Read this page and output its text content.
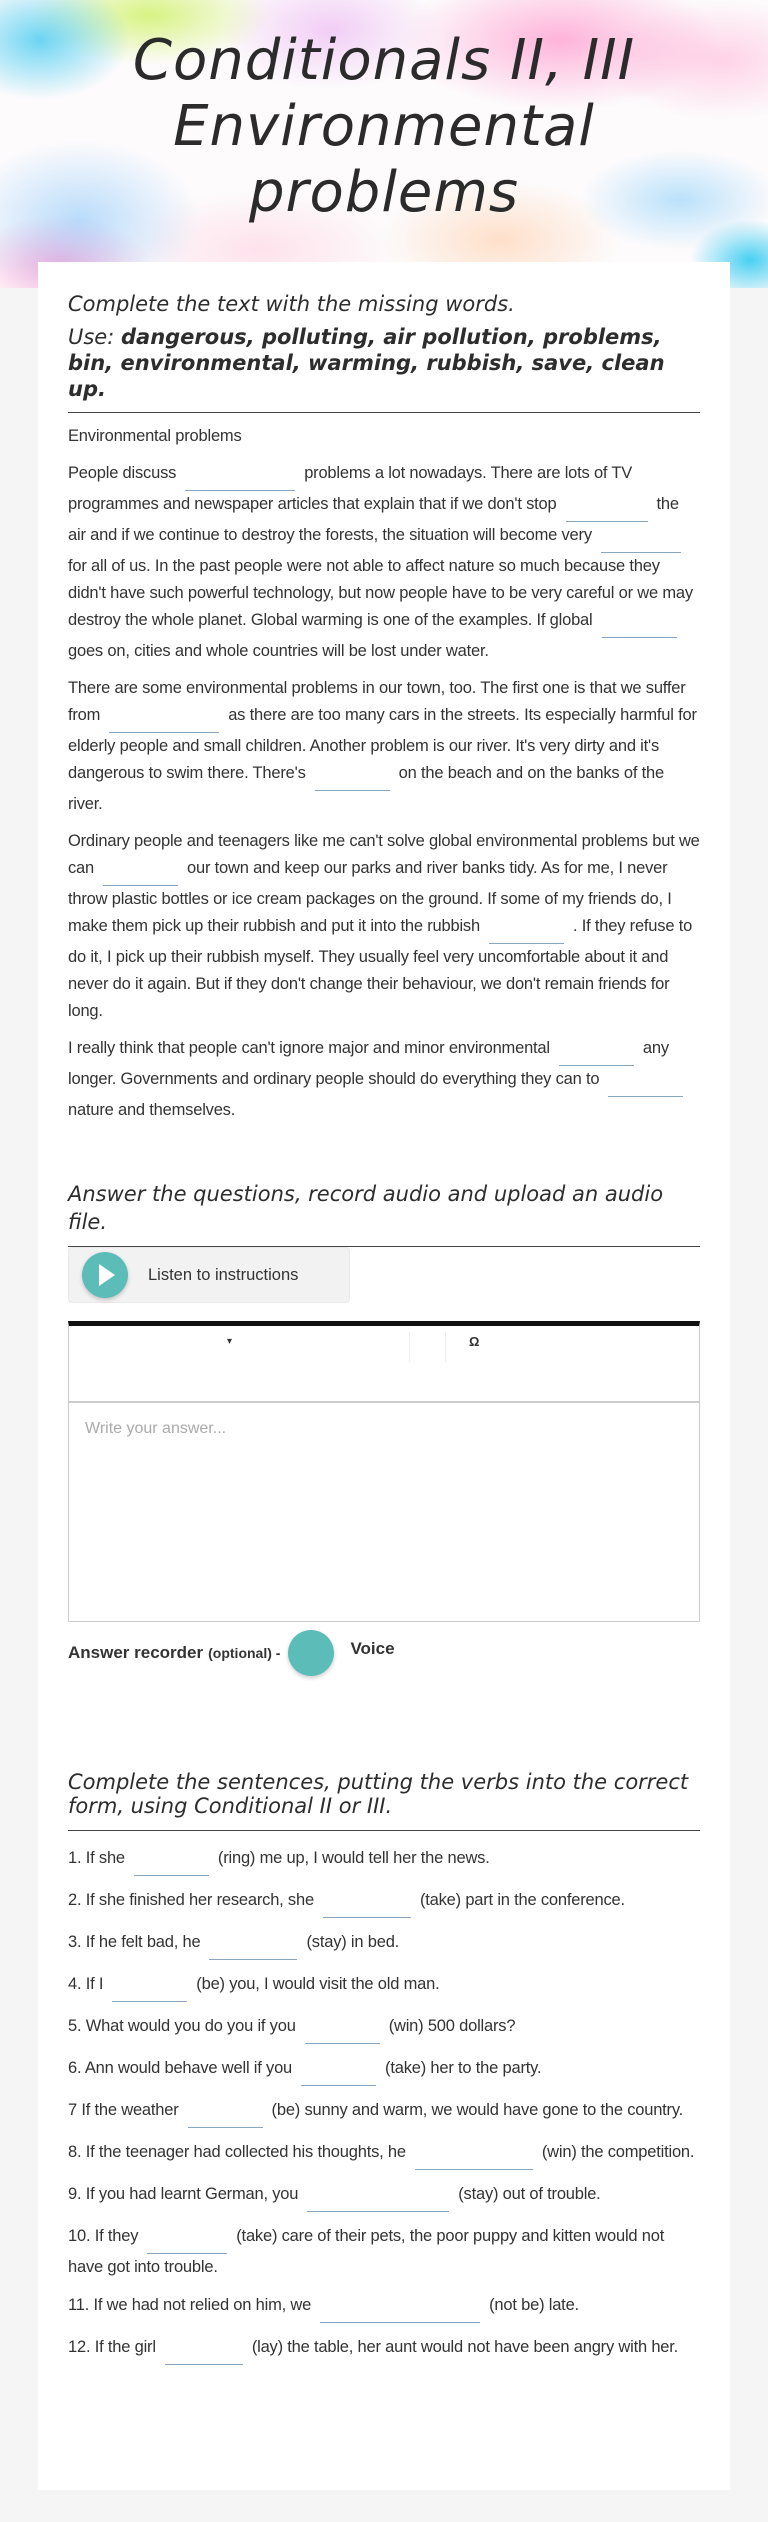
Conditionals II, III
Environmental
problems
Complete the text with the missing words.
Use: dangerous, polluting, air pollution, problems, bin, environmental, warming, rubbish, save, clean up.
Environmental problems
People discuss	problems a lot nowadays. There are lots of TV programmes and newspaper articles that explain that if we don't stop	the air and if we continue to destroy the forests, the situation will become veryfor all of us. In the past people were not able to affect nature so much because they didn't have such powerful technology, but now people have to be very careful or we may destroy the whole planet. Global warming is one of the examples. If globalgoes on, cities and whole countries will be lost under water.
There are some environmental problems in our town, too. The first one is that we suffer from	as there are too many cars in the streets. Its especially harmful for elderly people and small children. Another problem is our river. It's very dirty and it's dangerous to swim there. There's	on the beach and on the banks of the river.
Ordinary people and teenagers like me can't solve global environmental problems but we can	our town and keep our parks and river banks tidy. As for me, I never throw plastic bottles or ice cream packages on the ground. If some of my friends do, I make them pick up their rubbish and put it into the rubbish	. If they refuse to do it, I pick up their rubbish myself. They usually feel very uncomfortable about it and never do it again. But if they don't change their behaviour, we don't remain friends for long.
I really think that people can't ignore major and minor environmental	any longer. Governments and ordinary people should do everything they can tonature and themselves.
Answer the questions, record audio and upload an audio file.
Listen to instructions
▾	Ω
Write your answer...
Answer recorder (optional) -	Voice
Complete the sentences, putting the verbs into the correct form, using Conditional II or III.
1. If she	(ring) me up, I would tell her the news.
2. If she finished her research, she	(take) part in the conference.
3. If he felt bad, he	(stay) in bed.
4. If I	(be) you, I would visit the old man.
5. What would you do you if you	(win) 500 dollars?
6. Ann would behave well if you	(take) her to the party.
7 If the weather	(be) sunny and warm, we would have gone to the country.
8. If the teenager had collected his thoughts, he	(win) the competition.
9. If you had learnt German, you	(stay) out of trouble.
10. If they	(take) care of their pets, the poor puppy and kitten would not have got into trouble.
11. If we had not relied on him, we	(not be) late.
12. If the girl	(lay) the table, her aunt would not have been angry with her.
